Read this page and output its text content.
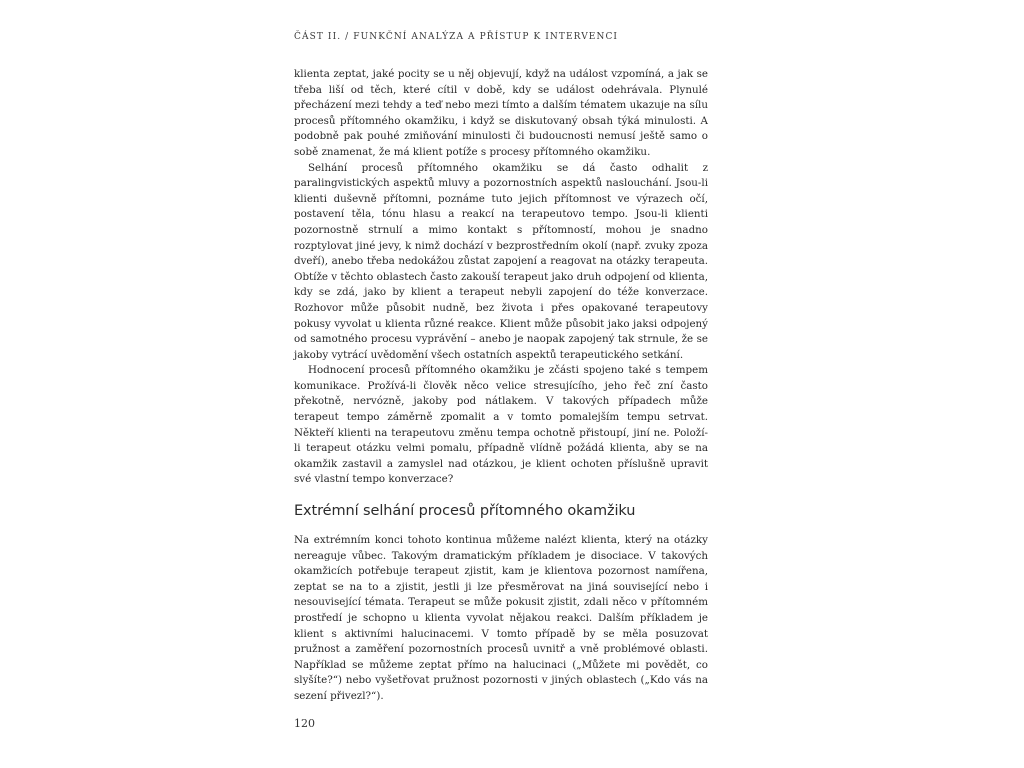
ČÁST II. / FUNKČNÍ ANALÝZA A PŘÍSTUP K INTERVENCI

klienta zeptat, jaké pocity se u něj objevují, když na událost vzpomíná, a jak se třeba liší od těch, které cítil v době, kdy se událost odehrávala. Plynulé přecházení mezi tehdy a teď nebo mezi tímto a dalším tématem ukazuje na sílu procesů přítomného okamžiku, i když se diskutovaný obsah týká minulosti. A podobně pak pouhé zmiňování minulosti či budoucnosti nemusí ještě samo o sobě znamenat, že má klient potíže s procesy přítomného okamžiku.

Selhání procesů přítomného okamžiku se dá často odhalit z paralingvistických aspektů mluvy a pozornostních aspektů naslouchání. Jsou-li klienti duševně přítomni, poznáme tuto jejich přítomnost ve výrazech očí, postavení těla, tónu hlasu a reakcí na terapeutovo tempo. Jsou-li klienti pozornostně strnulí a mimo kontakt s přítomností, mohou je snadno rozptylovat jiné jevy, k nimž dochází v bezprostředním okolí (např. zvuky zpoza dveří), anebo třeba nedokážou zůstat zapojení a reagovat na otázky terapeuta. Obtíže v těchto oblastech často zakouší terapeut jako druh odpojení od klienta, kdy se zdá, jako by klient a terapeut nebyli zapojení do téže konverzace. Rozhovor může působit nudně, bez života i přes opakované terapeutovy pokusy vyvolat u klienta různé reakce. Klient může působit jako jaksi odpojený od samotného procesu vyprávění – anebo je naopak zapojený tak strnule, že se jakoby vytrácí uvědomění všech ostatních aspektů terapeutického setkání.

Hodnocení procesů přítomného okamžiku je zčásti spojeno také s tempem komunikace. Prožívá-li člověk něco velice stresujícího, jeho řeč zní často překotně, nervózně, jakoby pod nátlakem. V takových případech může terapeut tempo záměrně zpomalit a v tomto pomalejším tempu setrvat. Někteří klienti na terapeutovu změnu tempa ochotně přistoupí, jiní ne. Položí-li terapeut otázku velmi pomalu, případně vlídně požádá klienta, aby se na okamžik zastavil a zamyslel nad otázkou, je klient ochoten příslušně upravit své vlastní tempo konverzace?

Extrémní selhání procesů přítomného okamžiku

Na extrémním konci tohoto kontinua můžeme nalézt klienta, který na otázky nereaguje vůbec. Takovým dramatickým příkladem je disociace. V takových okamžicích potřebuje terapeut zjistit, kam je klientova pozornost namířena, zeptat se na to a zjistit, jestli ji lze přesměrovat na jiná související nebo i nesouvisející témata. Terapeut se může pokusit zjistit, zdali něco v přítomném prostředí je schopno u klienta vyvolat nějakou reakci. Dalším příkladem je klient s aktivními halucinacemi. V tomto případě by se měla posuzovat pružnost a zaměření pozornostních procesů uvnitř a vně problémové oblasti. Například se můžeme zeptat přímo na halucinaci („Můžete mi povědět, co slyšíte?“) nebo vyšetřovat pružnost pozornosti v jiných oblastech („Kdo vás na sezení přivezl?“).

120
